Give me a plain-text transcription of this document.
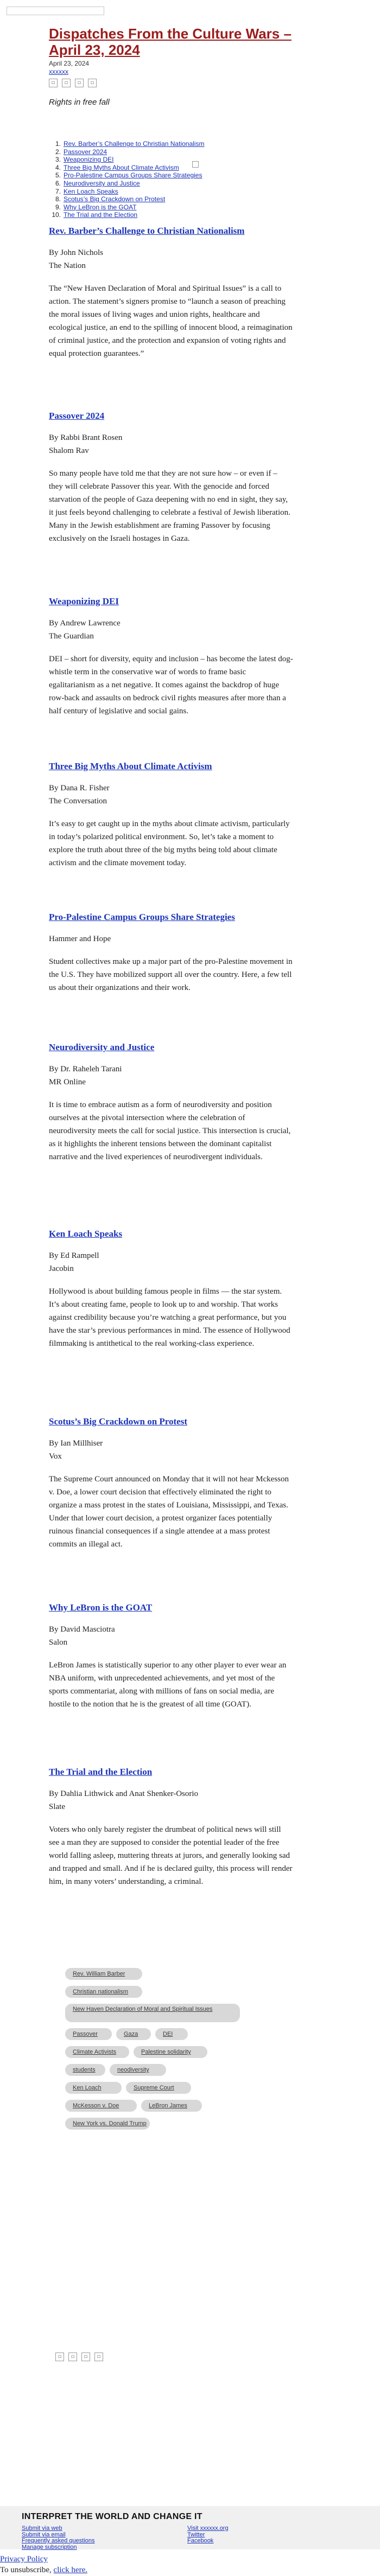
Dispatches From the Culture Wars – April 23, 2024
April 23, 2024
xxxxxx
▫	▫	▫	▫
Rights in free fall
1. Rev. Barber’s Challenge to Christian Nationalism
2. Passover 2024
3. Weaponizing DEI
4. Three Big Myths About Climate Activism
5. Pro-Palestine Campus Groups Share Strategies
6. Neurodiversity and Justice
7. Ken Loach Speaks
8. Scotus’s Big Crackdown on Protest
9. Why LeBron is the GOAT
10. The Trial and the Election
Rev. Barber’s Challenge to Christian Nationalism

By John Nichols

The Nation

The “New Haven Declaration of Moral and Spiritual Issues” is a call to action. The statement’s signers promise to “launch a season of preaching the moral issues of living wages and union rights, healthcare and ecological justice, an end to the spilling of innocent blood, a reimagination of criminal justice, and the protection and expansion of voting rights and equal protection guarantees.”

Passover 2024

By Rabbi Brant Rosen

Shalom Rav

So many people have told me that they are not sure how – or even if – they will celebrate Passover this year. With the genocide and forced starvation of the people of Gaza deepening with no end in sight, they say, it just feels beyond challenging to celebrate a festival of Jewish liberation. Many in the Jewish establishment are framing Passover by focusing exclusively on the Israeli hostages in Gaza.

Weaponizing DEI

By Andrew Lawrence

The Guardian

DEI – short for diversity, equity and inclusion – has become the latest dog-whistle term in the conservative war of words to frame basic egalitarianism as a net negative. It comes against the backdrop of huge row-back and assaults on bedrock civil rights measures after more than a half century of legislative and social gains.

Three Big Myths About Climate Activism

By Dana R. Fisher

The Conversation

It’s easy to get caught up in the myths about climate activism, particularly in today’s polarized political environment. So, let’s take a moment to explore the truth about three of the big myths being told about climate activism and the climate movement today.

Pro-Palestine Campus Groups Share Strategies

Hammer and Hope

Student collectives make up a major part of the pro-Palestine movement in the U.S. They have mobilized support all over the country. Here, a few tell us about their organizations and their work.

Neurodiversity and Justice

By Dr. Raheleh Tarani

MR Online

It is time to embrace autism as a form of neurodiversity and position ourselves at the pivotal intersection where the celebration of neurodiversity meets the call for social justice. This intersection is crucial, as it highlights the inherent tensions between the dominant capitalist narrative and the lived experiences of neurodivergent individuals.

Ken Loach Speaks

By Ed Rampell

Jacobin

Hollywood is about building famous people in films — the star system. It’s about creating fame, people to look up to and worship. That works against credibility because you’re watching a great performance, but you have the star’s previous performances in mind. The essence of Hollywood filmmaking is antithetical to the real working-class experience.

Scotus’s Big Crackdown on Protest

By Ian Millhiser

Vox

The Supreme Court announced on Monday that it will not hear Mckesson v. Doe, a lower court decision that effectively eliminated the right to organize a mass protest in the states of Louisiana, Mississippi, and Texas. Under that lower court decision, a protest organizer faces potentially ruinous financial consequences if a single attendee at a mass protest commits an illegal act.

Why LeBron is the GOAT

By David Masciotra

Salon

LeBron James is statistically superior to any other player to ever wear an NBA uniform, with unprecedented achievements, and yet most of the sports commentariat, along with millions of fans on social media, are hostile to the notion that he is the greatest of all time (GOAT).

The Trial and the Election

By Dahlia Lithwick and Anat Shenker-Osorio

Slate

Voters who only barely register the drumbeat of political news will still see a man they are supposed to consider the potential leader of the free world falling asleep, muttering threats at jurors, and generally looking sad and trapped and small. And if he is declared guilty, this process will render him, in many voters’ understanding, a criminal.

Rev. William Barber
Christian nationalism
New Haven Declaration of Moral and Spiritual Issues
Passover	Gaza	DEI
Climate Activists	Palestine solidarity
students	neodiversity
Ken Loach	Supreme Court
McKesson v. Doe	LeBron James
New York vs. Donald Trump
▫	▫	▫	▫
INTERPRET THE WORLD AND CHANGE IT
Submit via web
Submit via email
Frequently asked questions
Manage subscription
Visit xxxxxx.org
Twitter
Facebook
Privacy Policy
To unsubscribe, click here.
